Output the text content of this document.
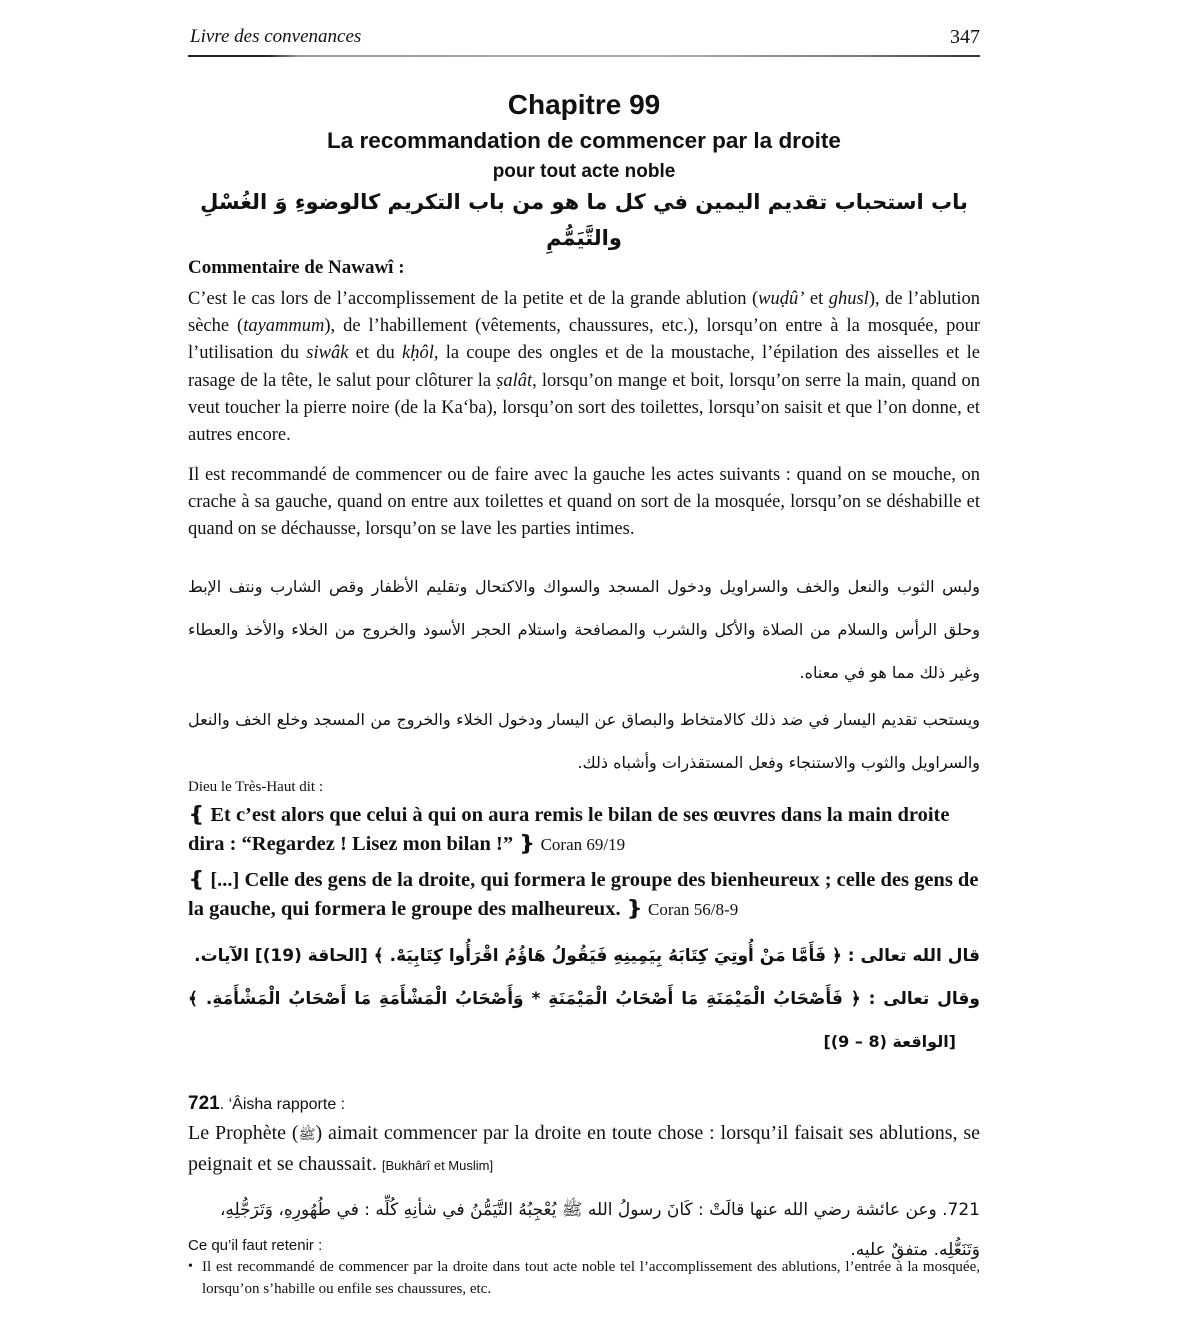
Livre des convenances	347
Chapitre 99
La recommandation de commencer par la droite
pour tout acte noble
باب استحباب تقديم اليمين في كل ما هو من باب التكريم كالوضوءِ وَ الغُسْلِ والتَّيَمُّمِ
Commentaire de Nawawî :
C’est le cas lors de l’accomplissement de la petite et de la grande ablution (wuḍû’ et ghusl), de l’ablution sèche (tayammum), de l’habillement (vêtements, chaussures, etc.), lorsqu’on entre à la mosquée, pour l’utilisation du siwâk et du kḥôl, la coupe des ongles et de la moustache, l’épilation des aisselles et le rasage de la tête, le salut pour clôturer la ṣalât, lorsqu’on mange et boit, lorsqu’on serre la main, quand on veut toucher la pierre noire (de la Ka‘ba), lorsqu’on sort des toilettes, lorsqu’on saisit et que l’on donne, et autres encore.
Il est recommandé de commencer ou de faire avec la gauche les actes suivants : quand on se mouche, on crache à sa gauche, quand on entre aux toilettes et quand on sort de la mosquée, lorsqu’on se déshabille et quand on se déchausse, lorsqu’on se lave les parties intimes.
ولبس الثوب والنعل والخف والسراويل ودخول المسجد والسواك والاكتحال وتقليم الأظفار وقص الشارب ونتف الإبط وحلق الرأس والسلام من الصلاة والأكل والشرب والمصافحة واستلام الحجر الأسود والخروج من الخلاء والأخذ والعطاء وغير ذلك مما هو في معناه.
ويستحب تقديم اليسار في ضد ذلك كالامتخاط والبصاق عن اليسار ودخول الخلاء والخروج من المسجد وخلع الخف والنعل والسراويل والثوب والاستنجاء وفعل المستقذرات وأشباه ذلك.
Dieu le Très-Haut dit :
❴ Et c’est alors que celui à qui on aura remis le bilan de ses œuvres dans la main droite dira : “Regardez ! Lisez mon bilan !” ❵ Coran 69/19
❴ [...] Celle des gens de la droite, qui formera le groupe des bienheureux ; celle des gens de la gauche, qui formera le groupe des malheureux. ❵ Coran 56/8-9
قال الله تعالى : ﴿ فَأَمَّا مَنْ أُوتِيَ كِتَابَهُ بِيَمِينِهِ فَيَقُولُ هَاؤُمُ اقْرَأُوا كِتَابِيَهْ. ﴾ [الحاقة (19)] الآيات.
وقال تعالى : ﴿ فَأَصْحَابُ الْمَيْمَنَةِ مَا أَصْحَابُ الْمَيْمَنَةِ * وَأَصْحَابُ الْمَشْأَمَةِ مَا أَصْحَابُ الْمَشْأَمَةِ. ﴾
[الواقعة (8 – 9)]
721. ‘Âisha rapporte :
Le Prophète (ﷺ) aimait commencer par la droite en toute chose : lorsqu’il faisait ses ablutions, se peignait et se chaussait. [Bukhârî et Muslim]
721. وعن عائشة رضي الله عنها قالَتْ : كَانَ رسولُ الله ﷺ يُعْجِبُهُ التَّيَمُّنُ في شأنِهِ كُلِّه : في طُهُورِهِ، وَتَرَجُّلِهِ، وَتَنَعُّلِه. متفقٌ عليه.
Ce qu’il faut retenir :
• Il est recommandé de commencer par la droite dans tout acte noble tel l’accomplissement des ablutions, l’entrée à la mosquée, lorsqu’on s’habille ou enfile ses chaussures, etc.
